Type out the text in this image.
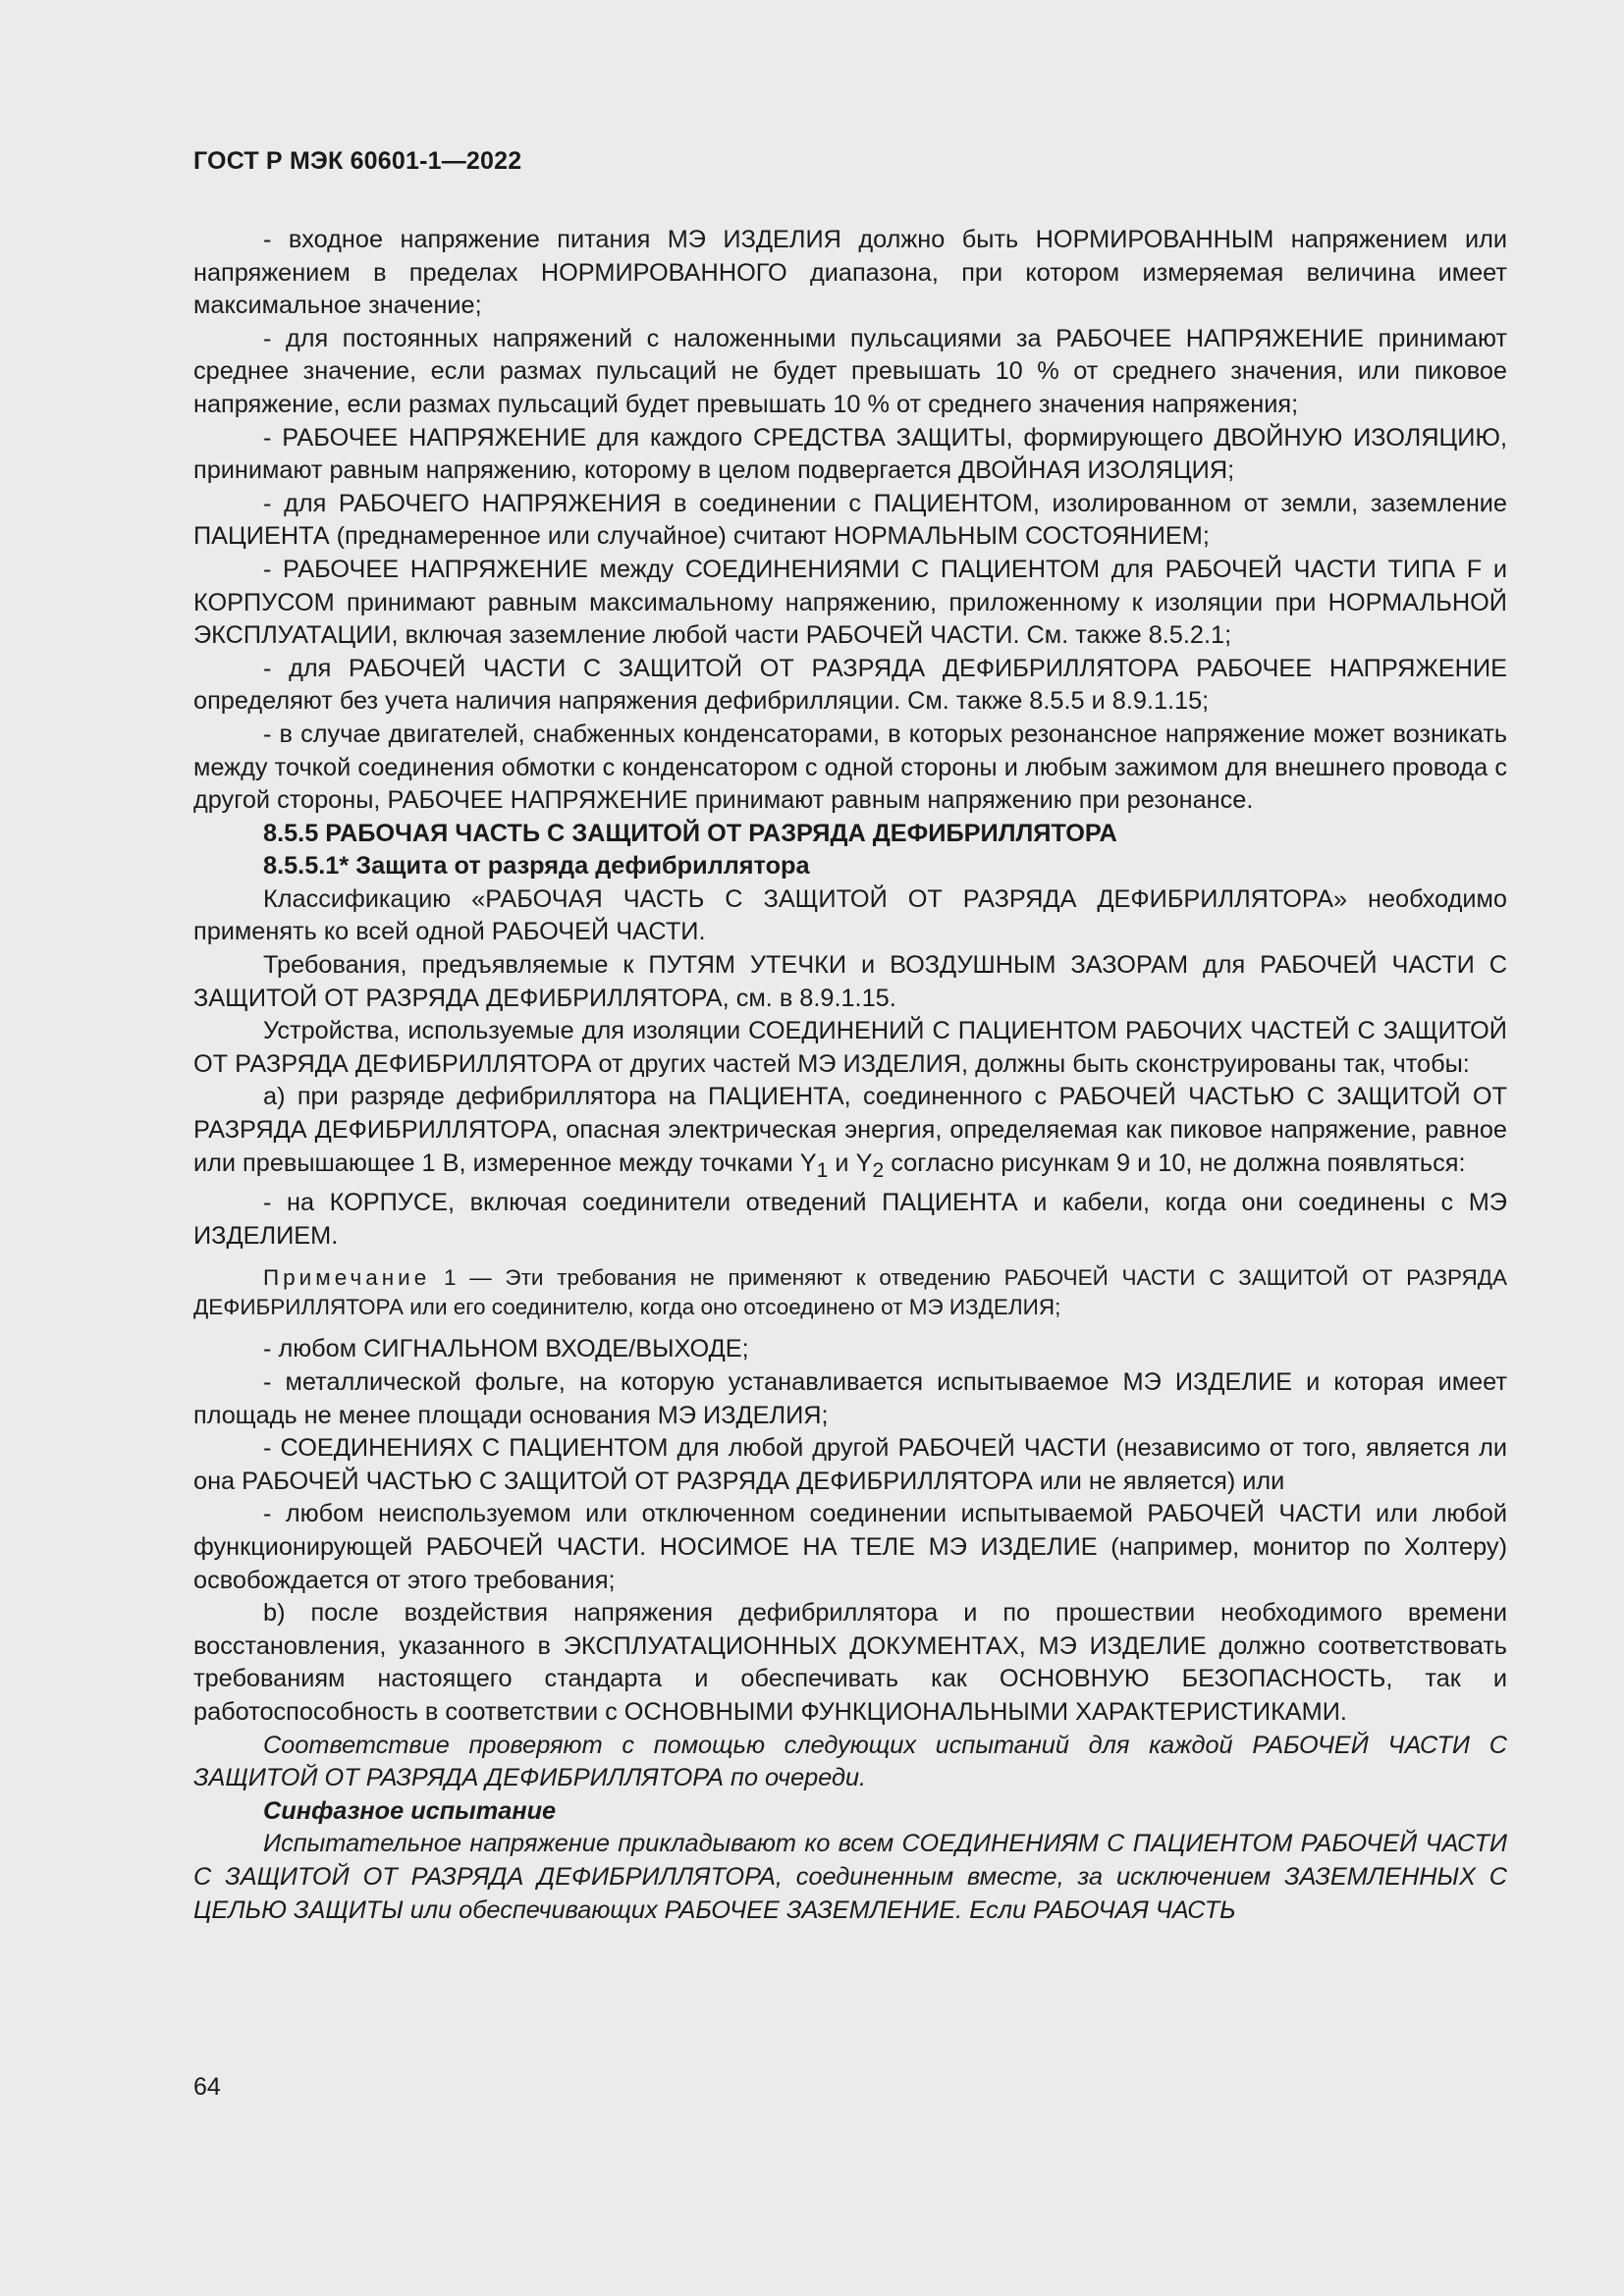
ГОСТ Р МЭК 60601-1—2022

- входное напряжение питания МЭ ИЗДЕЛИЯ должно быть НОРМИРОВАННЫМ напряжением или напряжением в пределах НОРМИРОВАННОГО диапазона, при котором измеряемая величина имеет максимальное значение;

- для постоянных напряжений с наложенными пульсациями за РАБОЧЕЕ НАПРЯЖЕНИЕ принимают среднее значение, если размах пульсаций не будет превышать 10 % от среднего значения, или пиковое напряжение, если размах пульсаций будет превышать 10 % от среднего значения напряжения;

- РАБОЧЕЕ НАПРЯЖЕНИЕ для каждого СРЕДСТВА ЗАЩИТЫ, формирующего ДВОЙНУЮ ИЗОЛЯЦИЮ, принимают равным напряжению, которому в целом подвергается ДВОЙНАЯ ИЗОЛЯЦИЯ;

- для РАБОЧЕГО НАПРЯЖЕНИЯ в соединении с ПАЦИЕНТОМ, изолированном от земли, заземление ПАЦИЕНТА (преднамеренное или случайное) считают НОРМАЛЬНЫМ СОСТОЯНИЕМ;

- РАБОЧЕЕ НАПРЯЖЕНИЕ между СОЕДИНЕНИЯМИ С ПАЦИЕНТОМ для РАБОЧЕЙ ЧАСТИ ТИПА F и КОРПУСОМ принимают равным максимальному напряжению, приложенному к изоляции при НОРМАЛЬНОЙ ЭКСПЛУАТАЦИИ, включая заземление любой части РАБОЧЕЙ ЧАСТИ. См. также 8.5.2.1;

- для РАБОЧЕЙ ЧАСТИ С ЗАЩИТОЙ ОТ РАЗРЯДА ДЕФИБРИЛЛЯТОРА РАБОЧЕЕ НАПРЯЖЕНИЕ определяют без учета наличия напряжения дефибрилляции. См. также 8.5.5 и 8.9.1.15;

- в случае двигателей, снабженных конденсаторами, в которых резонансное напряжение может возникать между точкой соединения обмотки с конденсатором с одной стороны и любым зажимом для внешнего провода с другой стороны, РАБОЧЕЕ НАПРЯЖЕНИЕ принимают равным напряжению при резонансе.

8.5.5 РАБОЧАЯ ЧАСТЬ С ЗАЩИТОЙ ОТ РАЗРЯДА ДЕФИБРИЛЛЯТОРА

8.5.5.1* Защита от разряда дефибриллятора

Классификацию «РАБОЧАЯ ЧАСТЬ С ЗАЩИТОЙ ОТ РАЗРЯДА ДЕФИБРИЛЛЯТОРА» необходимо применять ко всей одной РАБОЧЕЙ ЧАСТИ.

Требования, предъявляемые к ПУТЯМ УТЕЧКИ и ВОЗДУШНЫМ ЗАЗОРАМ для РАБОЧЕЙ ЧАСТИ С ЗАЩИТОЙ ОТ РАЗРЯДА ДЕФИБРИЛЛЯТОРА, см. в 8.9.1.15.

Устройства, используемые для изоляции СОЕДИНЕНИЙ С ПАЦИЕНТОМ РАБОЧИХ ЧАСТЕЙ С ЗАЩИТОЙ ОТ РАЗРЯДА ДЕФИБРИЛЛЯТОРА от других частей МЭ ИЗДЕЛИЯ, должны быть сконструированы так, чтобы:

a) при разряде дефибриллятора на ПАЦИЕНТА, соединенного с РАБОЧЕЙ ЧАСТЬЮ С ЗАЩИТОЙ ОТ РАЗРЯДА ДЕФИБРИЛЛЯТОРА, опасная электрическая энергия, определяемая как пиковое напряжение, равное или превышающее 1 В, измеренное между точками $Y_1$ и $Y_2$ согласно рисункам 9 и 10, не должна появляться:

- на КОРПУСЕ, включая соединители отведений ПАЦИЕНТА и кабели, когда они соединены с МЭ ИЗДЕЛИЕМ.

Примечание 1 — Эти требования не применяют к отведению РАБОЧЕЙ ЧАСТИ С ЗАЩИТОЙ ОТ РАЗРЯДА ДЕФИБРИЛЛЯТОРА или его соединителю, когда оно отсоединено от МЭ ИЗДЕЛИЯ;

- любом СИГНАЛЬНОМ ВХОДЕ/ВЫХОДЕ;

- металлической фольге, на которую устанавливается испытываемое МЭ ИЗДЕЛИЕ и которая имеет площадь не менее площади основания МЭ ИЗДЕЛИЯ;

- СОЕДИНЕНИЯХ С ПАЦИЕНТОМ для любой другой РАБОЧЕЙ ЧАСТИ (независимо от того, является ли она РАБОЧЕЙ ЧАСТЬЮ С ЗАЩИТОЙ ОТ РАЗРЯДА ДЕФИБРИЛЛЯТОРА или не является) или

- любом неиспользуемом или отключенном соединении испытываемой РАБОЧЕЙ ЧАСТИ или любой функционирующей РАБОЧЕЙ ЧАСТИ. НОСИМОЕ НА ТЕЛЕ МЭ ИЗДЕЛИЕ (например, монитор по Холтеру) освобождается от этого требования;

b) после воздействия напряжения дефибриллятора и по прошествии необходимого времени восстановления, указанного в ЭКСПЛУАТАЦИОННЫХ ДОКУМЕНТАХ, МЭ ИЗДЕЛИЕ должно соответствовать требованиям настоящего стандарта и обеспечивать как ОСНОВНУЮ БЕЗОПАСНОСТЬ, так и работоспособность в соответствии с ОСНОВНЫМИ ФУНКЦИОНАЛЬНЫМИ ХАРАКТЕРИСТИКАМИ.

Соответствие проверяют с помощью следующих испытаний для каждой РАБОЧЕЙ ЧАСТИ С ЗАЩИТОЙ ОТ РАЗРЯДА ДЕФИБРИЛЛЯТОРА по очереди.

Синфазное испытание

Испытательное напряжение прикладывают ко всем СОЕДИНЕНИЯМ С ПАЦИЕНТОМ РАБОЧЕЙ ЧАСТИ С ЗАЩИТОЙ ОТ РАЗРЯДА ДЕФИБРИЛЛЯТОРА, соединенным вместе, за исключением ЗАЗЕМЛЕННЫХ С ЦЕЛЬЮ ЗАЩИТЫ или обеспечивающих РАБОЧЕЕ ЗАЗЕМЛЕНИЕ. Если РАБОЧАЯ ЧАСТЬ

64
